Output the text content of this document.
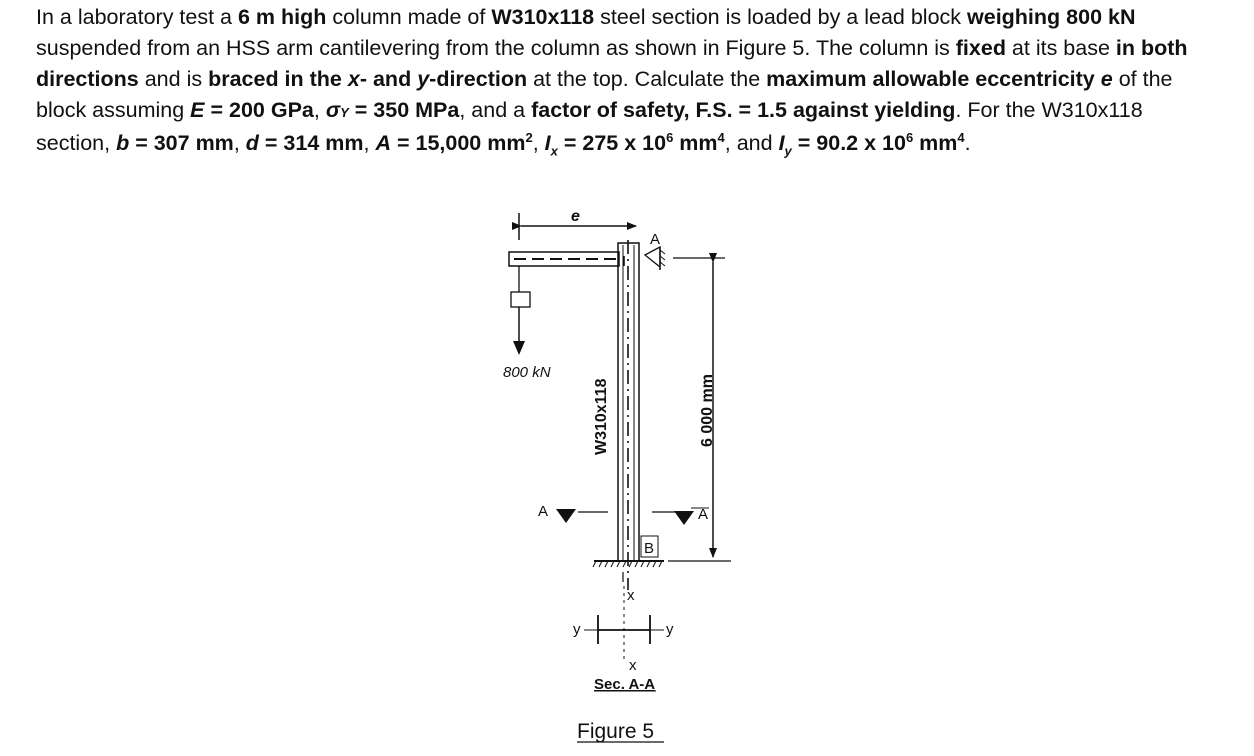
In a laboratory test a 6 m high column made of W310x118 steel section is loaded by a lead block weighing 800 kN suspended from an HSS arm cantilevering from the column as shown in Figure 5. The column is fixed at its base in both directions and is braced in the x- and y-direction at the top. Calculate the maximum allowable eccentricity e of the block assuming E = 200 GPa, σY = 350 MPa, and a factor of safety, F.S. = 1.5 against yielding. For the W310x118 section, b = 307 mm, d = 314 mm, A = 15,000 $mm^2$, $I_x = 275$ x $10^6$ $mm^4$, and $I_y = 90.2$ x $10^6$ $mm^4$.

e
800 kN
I
W310x118
A
6 000 mm
A	A
B
x
x
y	y
Sec. A-A
Figure 5
